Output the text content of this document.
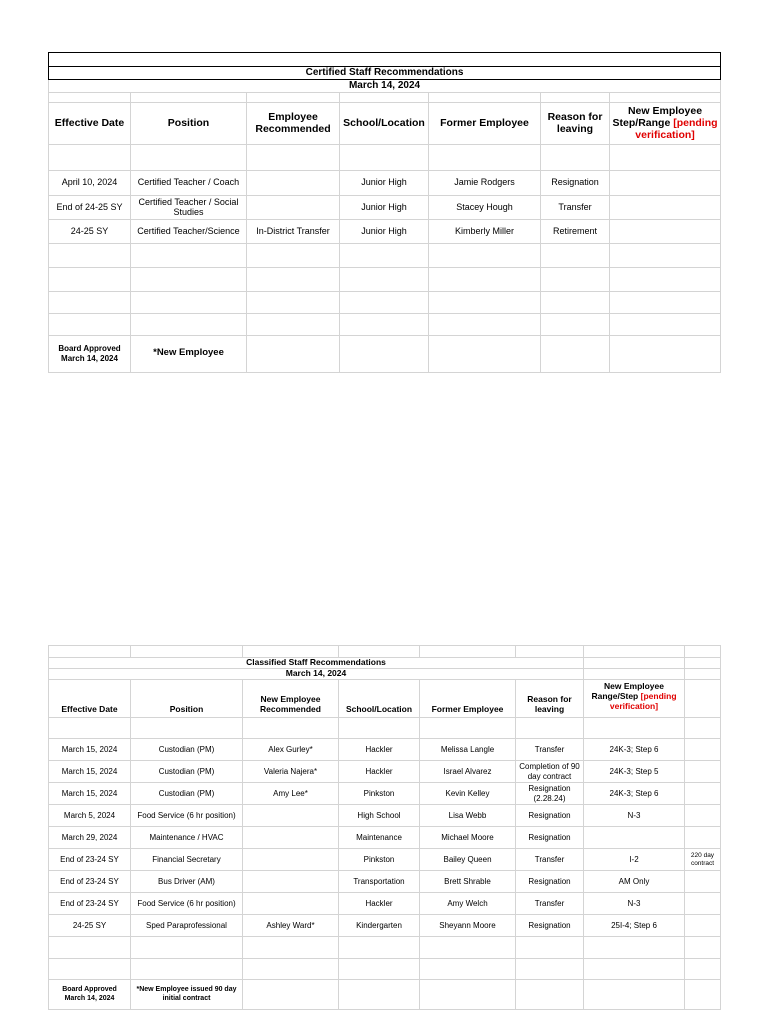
Certified Staff Recommendations						
March 14, 2024						

Effective Date	Position	Employee Recommended	School/Location	Former Employee	Reason for leaving	New Employee Step/Range [pending verification]

April 10, 2024	Certified Teacher / Coach		Junior High	Jamie Rodgers	Resignation	
End of 24-25 SY	Certified Teacher / Social Studies		Junior High	Stacey Hough	Transfer	
24-25 SY	Certified Teacher/Science	In-District Transfer	Junior High	Kimberly Miller	Retirement	

Board Approved March 14, 2024	*New Employee					

Classified Staff Recommendations							
March 14, 2024							
Effective Date	Position	New Employee Recommended	School/Location	Former Employee	Reason for leaving	New Employee Range/Step [pending verification]	

March 15, 2024	Custodian (PM)	Alex Gurley*	Hackler	Melissa Langle	Transfer	24K-3; Step 6	
March 15, 2024	Custodian (PM)	Valeria Najera*	Hackler	Israel Alvarez	Completion of 90 day contract	24K-3; Step 5	
March 15, 2024	Custodian (PM)	Amy Lee*	Pinkston	Kevin Kelley	Resignation (2.28.24)	24K-3; Step 6	
March 5, 2024	Food Service (6 hr position)		High School	Lisa Webb	Resignation	N-3	
March 29, 2024	Maintenance / HVAC		Maintenance	Michael Moore	Resignation		
End of 23-24 SY	Financial Secretary		Pinkston	Bailey Queen	Transfer	I-2	220 day contract
End of 23-24 SY	Bus Driver (AM)		Transportation	Brett Shrable	Resignation	AM Only	
End of 23-24 SY	Food Service (6 hr position)		Hackler	Amy Welch	Transfer	N-3	
24-25 SY	Sped Paraprofessional	Ashley Ward*	Kindergarten	Sheyann Moore	Resignation	25I-4; Step 6	

Board Approved March 14, 2024	*New Employee issued 90 day initial contract						
